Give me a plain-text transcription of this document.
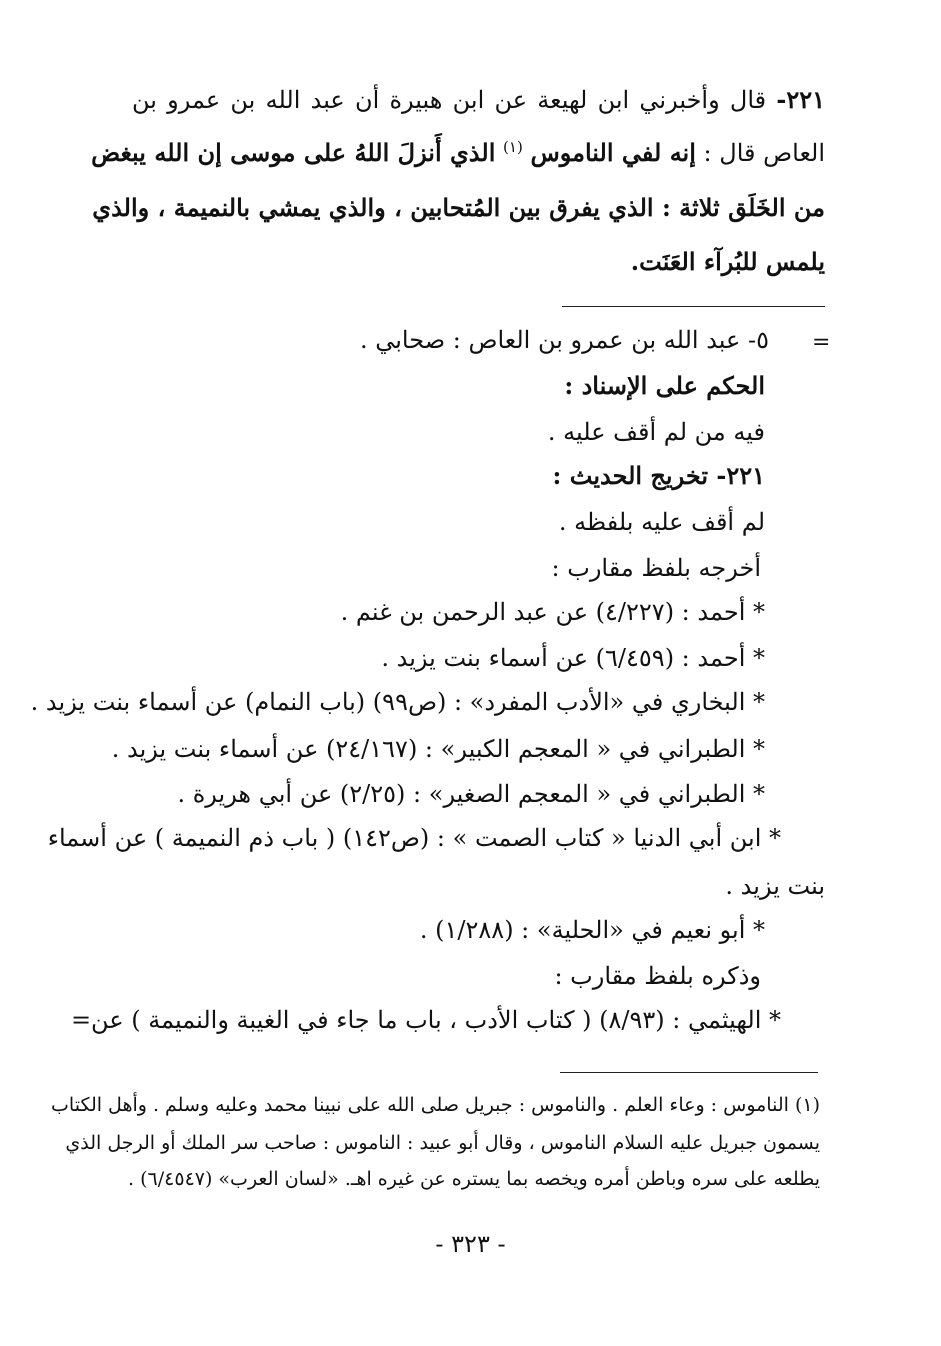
٢٢١- قال وأخبرني ابن لهيعة عن ابن هبيرة أن عبد الله بن عمرو بن
العاص قال : إنه لفي الناموس $^{(١)}$ الذي أَنزلَ اللهُ على موسى إن الله يبغض
من الخَلَق ثلاثة : الذي يفرق بين المُتحابين ، والذي يمشي بالنميمة ، والذي
يلمس للبُرآء العَنَت.
=
٥- عبد الله بن عمرو بن العاص : صحابي .
الحكم على الإسناد :
فيه من لم أقف عليه .
٢٢١- تخريج الحديث :
لم أقف عليه بلفظه .
أخرجه بلفظ مقارب :
* أحمد : (٤/٢٢٧) عن عبد الرحمن بن غنم .
* أحمد : (٦/٤٥٩) عن أسماء بنت يزيد .
* البخاري في «الأدب المفرد» : (ص٩٩) (باب النمام) عن أسماء بنت يزيد .
* الطبراني في « المعجم الكبير» : (٢٤/١٦٧) عن أسماء بنت يزيد .
* الطبراني في « المعجم الصغير» : (٢/٢٥) عن أبي هريرة .
* ابن أبي الدنيا « كتاب الصمت » : (ص١٤٢) ( باب ذم النميمة ) عن أسماء
بنت يزيد .
* أبو نعيم في «الحلية» : (١/٢٨٨) .
وذكره بلفظ مقارب :
* الهيثمي : (٨/٩٣) ( كتاب الأدب ، باب ما جاء في الغيبة والنميمة ) عن=
(١) الناموس : وعاء العلم . والناموس : جبريل صلى الله على نبينا محمد وعليه وسلم . وأهل الكتاب
يسمون جبريل عليه السلام الناموس ، وقال أبو عبيد : الناموس : صاحب سر الملك أو الرجل الذي
يطلعه على سره وباطن أمره ويخصه بما يستره عن غيره اهـ. «لسان العرب» (٦/٤٥٤٧) .
- ٣٢٣ -
